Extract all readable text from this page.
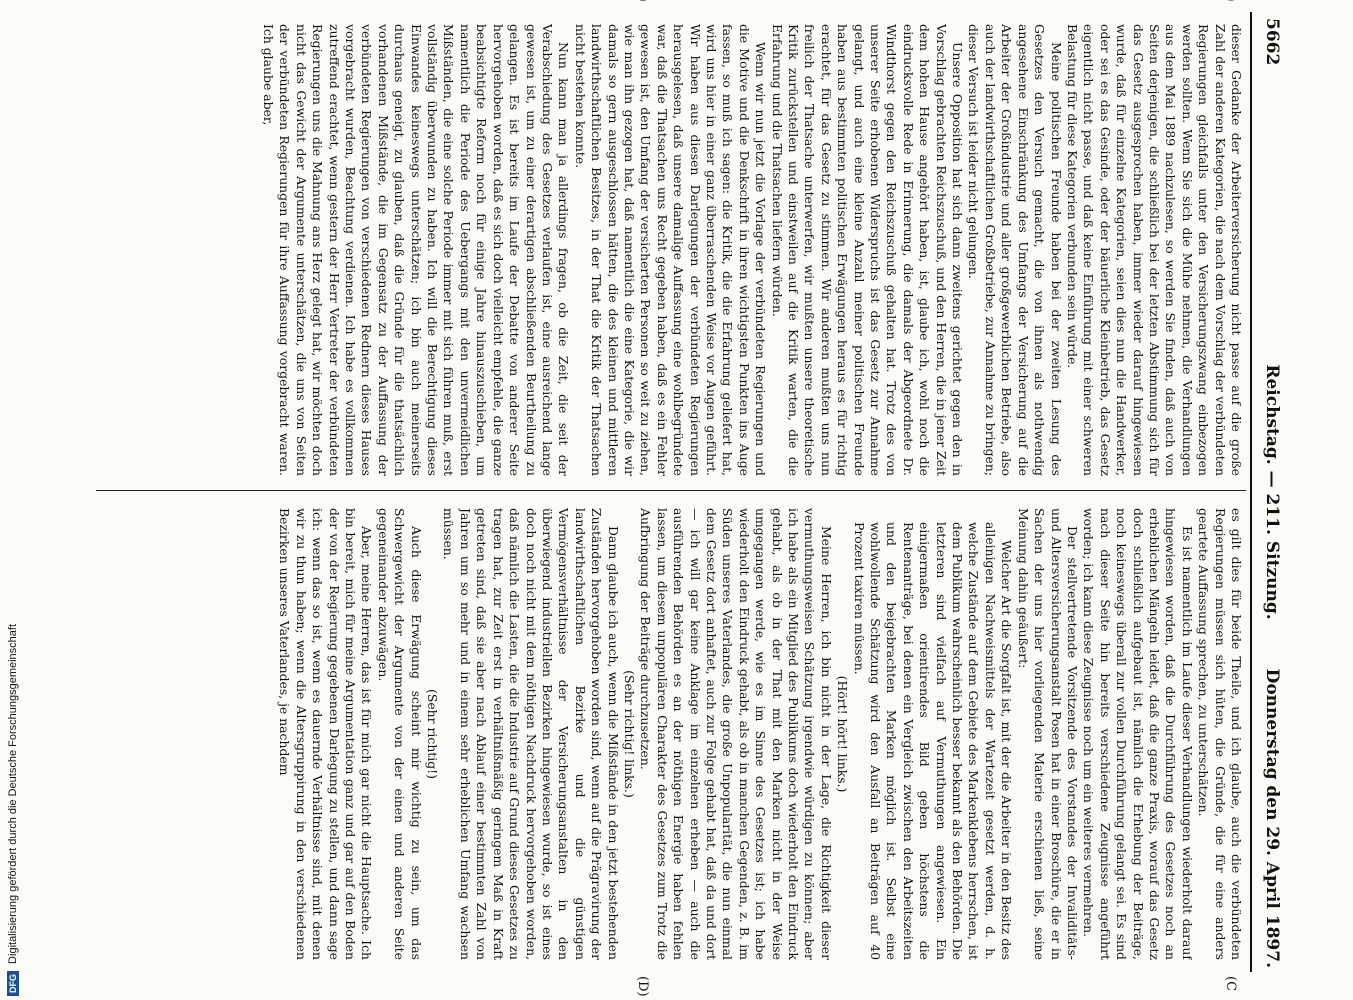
5662
Reichstag. — 211. Sitzung.
Donnerstag den 29. April 1897.
(C
(D)

dieser Gedanke der Arbeiterversicherung nicht passe auf die große Zahl der anderen Kategorien, die nach dem Vorschlag der verbündeten Regierungen gleichfalls unter den Versicherungszwang einbezogen werden sollten. Wenn Sie sich die Mühe nehmen, die Verhandlungen aus dem Mai 1889 nachzulesen, so werden Sie finden, daß auch von Seiten derjenigen, die schließlich bei der letzten Abstimmung sich für das Gesetz ausgesprochen haben, immer wieder darauf hingewiesen wurde, daß für einzelne Kategorien, seien dies nun die Handwerker, oder sei es das Gesinde, oder der bäuerliche Kleinbetrieb, das Gesetz eigentlich nicht passe, und daß keine Einführung mit einer schweren Belastung für diese Kategorien verbunden sein würde.

Meine politischen Freunde haben bei der zweiten Lesung des Gesetzes den Versuch gemacht, die von ihnen als nothwendig angesehene Einschränkung des Umfangs der Versicherung auf die Arbeiter der Großindustrie und aller großgewerblichen Betriebe, also auch der landwirthschaftlichen Großbetriebe, zur Annahme zu bringen; dieser Versuch ist leider nicht gelungen.

Unsere Opposition hat sich dann zweitens gerichtet gegen den in Vorschlag gebrachten Reichszuschuß, und den Herren, die in jener Zeit dem hohen Hause angehört haben, ist, glaube ich, wohl noch die eindrucksvolle Rede in Erinnerung, die damals der Abgeordnete Dr. Windthorst gegen den Reichszuschuß gehalten hat. Trotz des von unserer Seite erhobenen Widerspruchs ist das Gesetz zur Annahme gelangt, und auch eine kleine Anzahl meiner politischen Freunde haben aus bestimmten politischen Erwägungen heraus es für richtig erachtet, für das Gesetz zu stimmen. Wir anderen mußten uns nun freilich der Thatsache unterwerfen, wir mußten unsere theoretische Kritik zurückstellen und einstweilen auf die Kritik warten, die die Erfahrung und die Thatsachen liefern würden.

Wenn wir nun jetzt die Vorlage der verbündeten Regierungen und die Motive und die Denkschrift in ihren wichtigsten Punkten ins Auge fassen, so muß ich sagen: die Kritik, die die Erfahrung geliefert hat, wird uns hier in einer ganz überraschenden Weise vor Augen geführt. Wir haben aus diesen Darlegungen der verbündeten Regierungen herausgelesen, daß unsere damalige Auffassung eine wohlbegründete war, daß die Thatsachen uns Recht gegeben haben, daß es ein Fehler gewesen ist, den Umfang der versicherten Personen so weit zu ziehen, wie man ihn gezogen hat, daß namentlich die eine Kategorie, die wir damals so gern ausgeschlossen hätten, die des kleinen und mittleren landwirthschaftlichen Besitzes, in der That die Kritik der Thatsachen nicht bestehen konnte.

Nun kann man ja allerdings fragen, ob die Zeit, die seit der Verabschiedung des Gesetzes verlaufen ist, eine ausreichend lange gewesen ist, um zu einer derartigen abschließenden Beurtheilung zu gelangen. Es ist bereits im Laufe der Debatte von anderer Seite hervorgehoben worden, daß es sich doch vielleicht empfehle, die ganze beabsichtigte Reform noch für einige Jahre hinauszuschieben, um namentlich die Periode des Uebergangs mit den unvermeidlichen Mißständen, die eine solche Periode immer mit sich führen muß, erst vollständig überwunden zu haben. Ich will die Berechtigung dieses Einwandes keineswegs unterschätzen; ich bin auch meinerseits durchaus geneigt, zu glauben, daß die Gründe für die thatsächlich vorhandenen Mißstände, die im Gegensatz zu der Auffassung der verbündeten Regierungen von verschiedenen Rednern dieses Hauses vorgebracht wurden, Beachtung verdienen. Ich habe es vollkommen zutreffend erachtet, wenn gestern der Herr Vertreter der verbündeten Regierungen uns die Mahnung ans Herz gelegt hat, wir möchten doch nicht das Gewicht der Argumente unterschätzen, die uns von Seiten der verbündeten Regierungen für ihre Auffassung vorgebracht waren. Ich glaube aber,

es gilt dies für beide Theile, und ich glaube, auch die verbündeten Regierungen müssen sich hüten, die Gründe, die für eine anders geartete Auffassung sprechen, zu unterschätzen.

Es ist namentlich im Laufe dieser Verhandlungen wiederholt darauf hingewiesen worden, daß die Durchführung des Gesetzes noch an erheblichen Mängeln leidet, daß die ganze Praxis, worauf das Gesetz doch schließlich aufgebaut ist, nämlich die Erhebung der Beiträge, noch keineswegs überall zur vollen Durchführung gelangt sei. Es sind nach dieser Seite hin bereits verschiedene Zeugnisse angeführt worden; ich kann diese Zeugnisse noch um ein weiteres vermehren.

Der stellvertretende Vorsitzende des Vorstandes der Invaliditäts- und Altersversicherungsanstalt Posen hat in einer Broschüre, die er in Sachen der uns hier vorliegenden Materie erschienen ließ, seine Meinung dahin geäußert:

Welcher Art die Sorgfalt ist, mit der die Arbeiter in den Besitz des alleinigen Nachweismittels der Wartezeit gesetzt werden, d. h. welche Zustände auf dem Gebiete des Markenklebens herrschen, ist dem Publikum wahrscheinlich besser bekannt als den Behörden. Die letzteren sind vielfach auf Vermuthungen angewiesen. Ein einigermaßen orientirendes Bild geben höchstens die Rentenanträge, bei denen ein Vergleich zwischen den Arbeitszeiten und den beigebrachten Marken möglich ist. Selbst eine wohlwollende Schätzung wird den Ausfall an Beiträgen auf 40 Prozent taxiren müssen.

(Hört! hört! links.)

Meine Herren, ich bin nicht in der Lage, die Richtigkeit dieser vermuthungsweisen Schätzung irgendwie würdigen zu können; aber ich habe als ein Mitglied des Publikums doch wiederholt den Eindruck gehabt, als ob in der That mit den Marken nicht in der Weise umgegangen werde, wie es im Sinne des Gesetzes ist; ich habe wiederholt den Eindruck gehabt, als ob in manchen Gegenden, z. B. im Süden unseres Vaterlandes, die große Unpopularität, die nun einmal dem Gesetz dort anhaftet, auch zur Folge gehabt hat, daß da und dort — ich will gar keine Anklage im einzelnen erheben — auch die ausführenden Behörden es an der nöthigen Energie haben fehlen lassen, um diesem unpopulären Charakter des Gesetzes zum Trotz die Aufbringung der Beiträge durchzusetzen.

(Sehr richtig! links.)

Dann glaube ich auch, wenn die Mißstände in den jetzt bestehenden Zuständen hervorgehoben worden sind, wenn auf die Prägravirung der landwirthschaftlichen Bezirke und die günstigen Vermögensverhältnisse der Versicherungsanstalten in den überwiegend industriellen Bezirken hingewiesen wurde, so ist eines doch noch nicht mit dem nöthigen Nachdruck hervorgehoben worden, daß nämlich die Lasten, die die Industrie auf Grund dieses Gesetzes zu tragen hat, zur Zeit erst in verhältnißmäßig geringem Maß in Kraft getreten sind, daß sie aber nach Ablauf einer bestimmten Zahl von Jahren um so mehr und in einem sehr erheblichen Umfang wachsen müssen.

(Sehr richtig!)

Auch diese Erwägung scheint mir wichtig zu sein, um das Schwergewicht der Argumente von der einen und anderen Seite gegeneinander abzuwägen.

Aber, meine Herren, das ist für mich gar nicht die Hauptsache. Ich bin bereit, mich für meine Argumentation ganz und gar auf den Boden der von der Regierung gegebenen Darlegung zu stellen, und dann sage ich: wenn das so ist, wenn es dauernde Verhältnisse sind, mit denen wir zu thun haben; wenn die Altersgruppirung in den verschiedenen Bezirken unseres Vaterlandes, je nachdem

DFG Digitalisierung gefördert durch die Deutsche Forschungsgemeinschaft
